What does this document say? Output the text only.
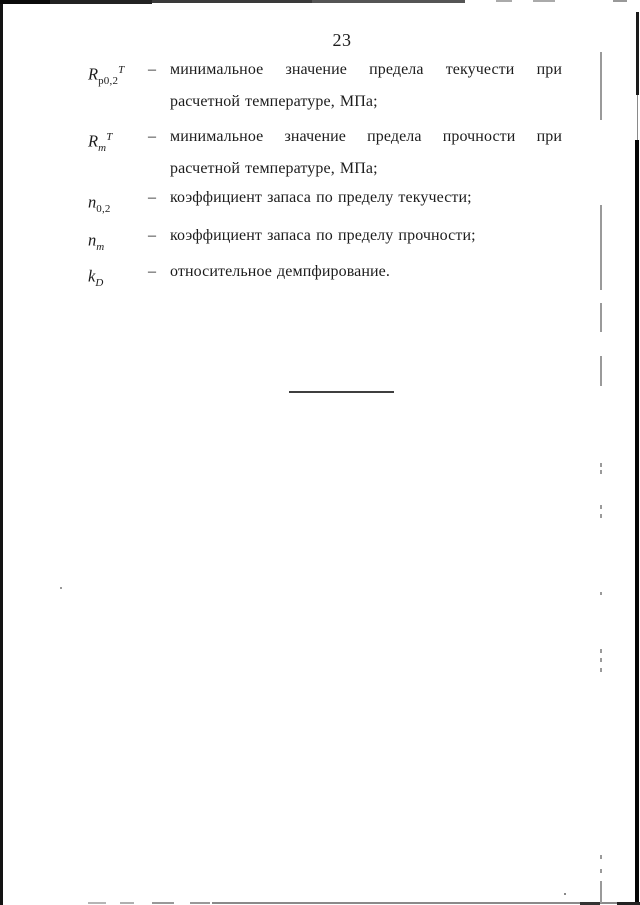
23
$R_{p0,2}^T$ – минимальное значение предела текучести при расчетной температуре, МПа;
$R_m^T$ – минимальное значение предела прочности при расчетной температуре, МПа;
$n_{0,2}$
– коэффициент запаса по пределу текучести;
$n_m$
– коэффициент запаса по пределу прочности;
$k_D$
– относительное демпфирование.
